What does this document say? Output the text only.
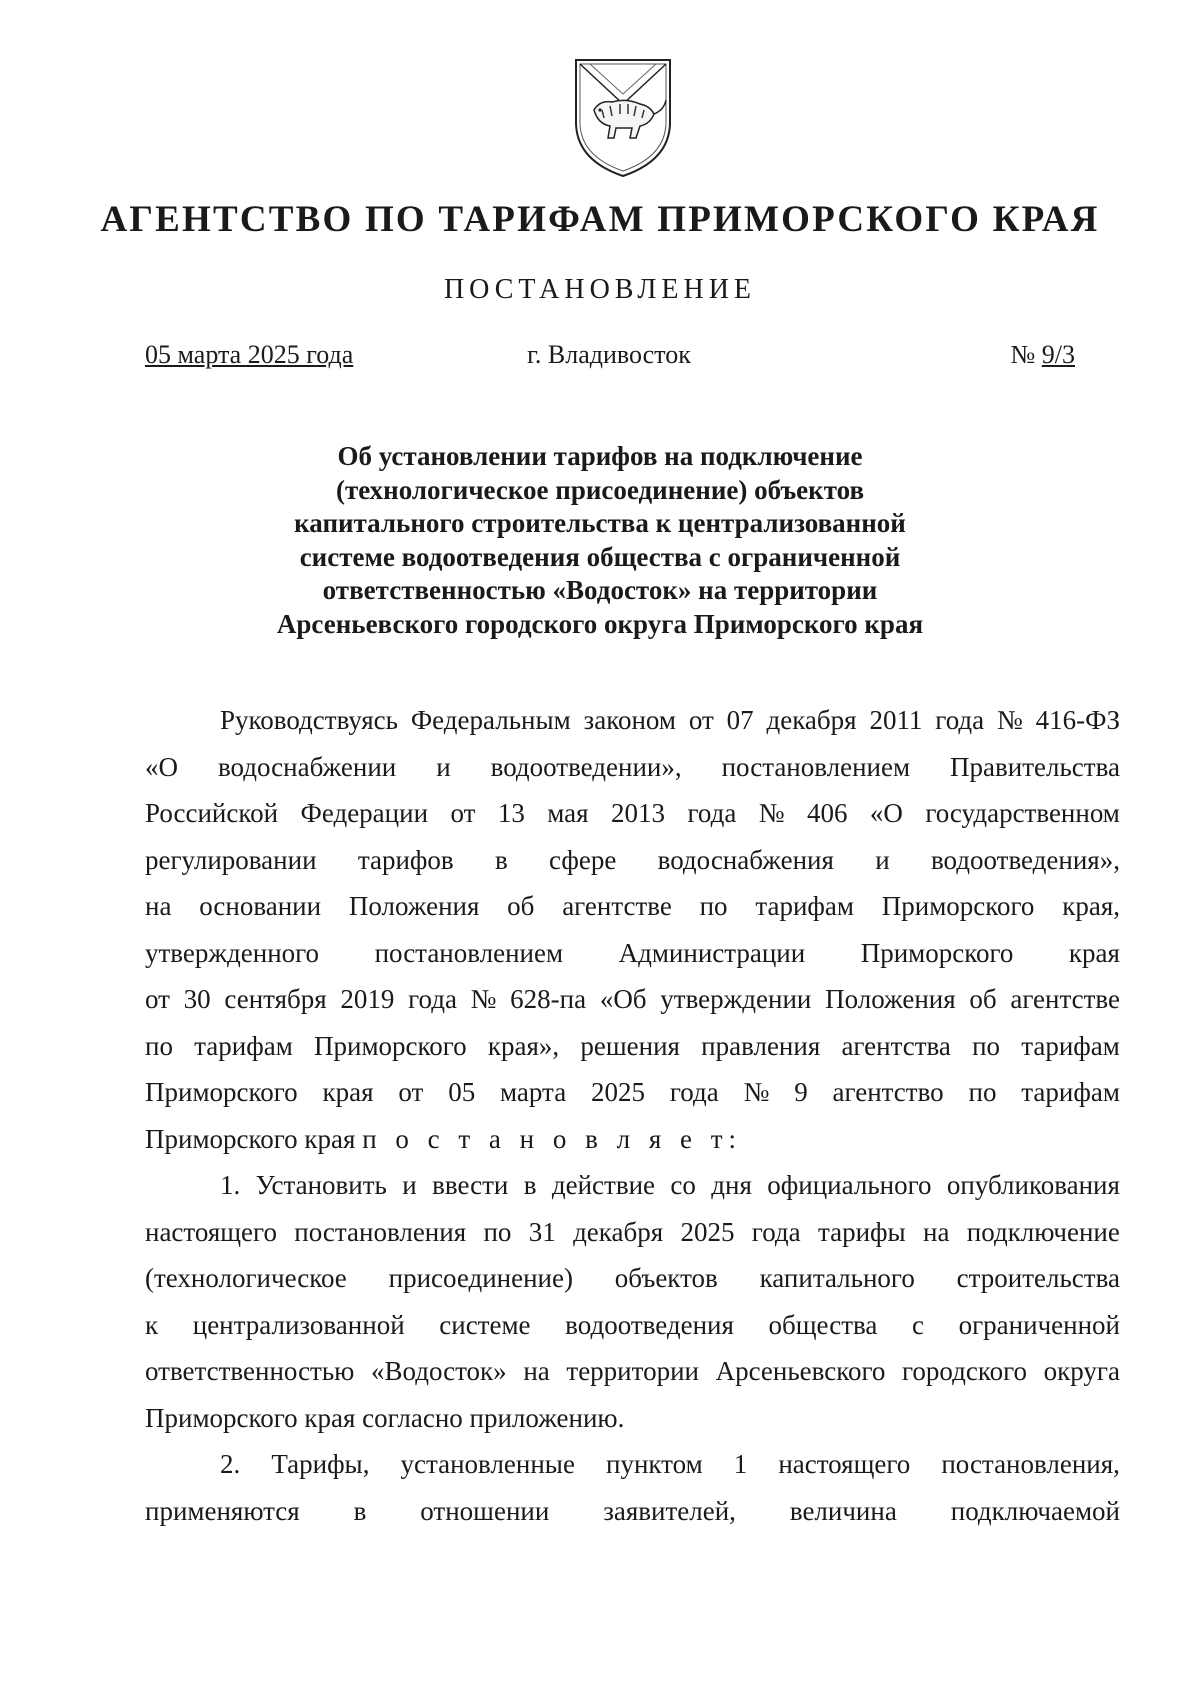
АГЕНТСТВО ПО ТАРИФАМ ПРИМОРСКОГО КРАЯ
ПОСТАНОВЛЕНИЕ
05 марта 2025 года	г. Владивосток	№ 9/3
Об установлении тарифов на подключение
(технологическое присоединение) объектов
капитального строительства к централизованной
системе водоотведения общества с ограниченной
ответственностью «Водосток» на территории
Арсеньевского городского округа Приморского края
Руководствуясь Федеральным законом от 07 декабря 2011 года № 416-ФЗ
«О водоснабжении и водоотведении», постановлением Правительства
Российской Федерации от 13 мая 2013 года № 406 «О государственном
регулировании тарифов в сфере водоснабжения и водоотведения»,
на основании Положения об агентстве по тарифам Приморского края,
утвержденного постановлением Администрации Приморского края
от 30 сентября 2019 года № 628-па «Об утверждении Положения об агентстве
по тарифам Приморского края», решения правления агентства по тарифам
Приморского края от 05 марта 2025 года № 9 агентство по тарифам
Приморского края
п о с т а н о в л я е т:
1. Установить и ввести в действие со дня официального опубликования
настоящего постановления по 31 декабря 2025 года тарифы на подключение
(технологическое присоединение) объектов капитального строительства
к централизованной системе водоотведения общества с ограниченной
ответственностью «Водосток» на территории Арсеньевского городского округа
Приморского края согласно приложению.
2. Тарифы, установленные пунктом 1 настоящего постановления,
применяются в отношении заявителей, величина подключаемой
